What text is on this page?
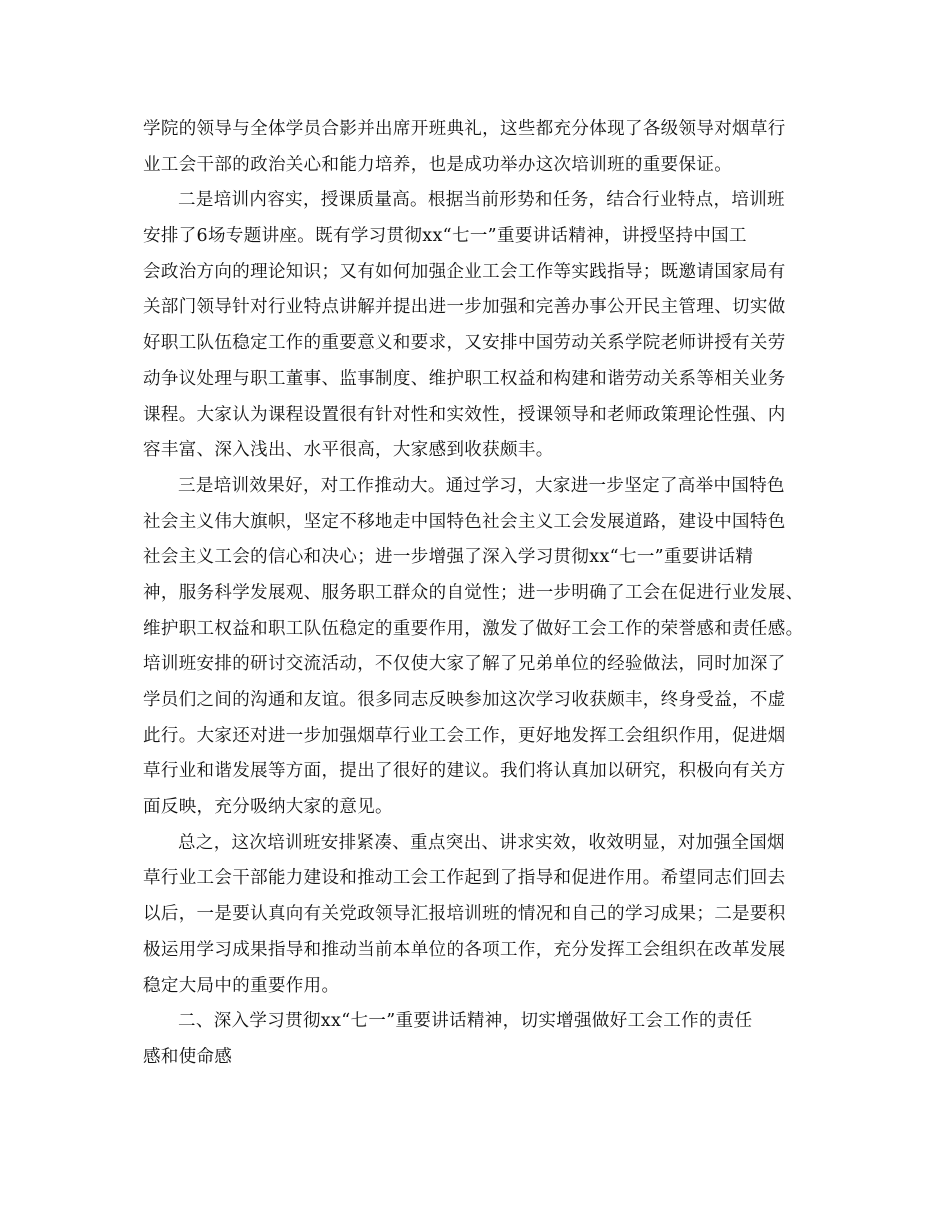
学院的领导与全体学员合影并出席开班典礼，这些都充分体现了各级领导对烟草行
业工会干部的政治关心和能力培养，也是成功举办这次培训班的重要保证。
二是培训内容实，授课质量高。根据当前形势和任务，结合行业特点，培训班
安排了6场专题讲座。既有学习贯彻xx“七一”重要讲话精神，讲授坚持中国工
会政治方向的理论知识；又有如何加强企业工会工作等实践指导；既邀请国家局有
关部门领导针对行业特点讲解并提出进一步加强和完善办事公开民主管理、切实做
好职工队伍稳定工作的重要意义和要求，又安排中国劳动关系学院老师讲授有关劳
动争议处理与职工董事、监事制度、维护职工权益和构建和谐劳动关系等相关业务
课程。大家认为课程设置很有针对性和实效性，授课领导和老师政策理论性强、内
容丰富、深入浅出、水平很高，大家感到收获颇丰。
三是培训效果好，对工作推动大。通过学习，大家进一步坚定了高举中国特色
社会主义伟大旗帜，坚定不移地走中国特色社会主义工会发展道路，建设中国特色
社会主义工会的信心和决心；进一步增强了深入学习贯彻xx“七一”重要讲话精
神，服务科学发展观、服务职工群众的自觉性；进一步明确了工会在促进行业发展、
维护职工权益和职工队伍稳定的重要作用，激发了做好工会工作的荣誉感和责任感。
培训班安排的研讨交流活动，不仅使大家了解了兄弟单位的经验做法，同时加深了
学员们之间的沟通和友谊。很多同志反映参加这次学习收获颇丰，终身受益，不虚
此行。大家还对进一步加强烟草行业工会工作，更好地发挥工会组织作用，促进烟
草行业和谐发展等方面，提出了很好的建议。我们将认真加以研究，积极向有关方
面反映，充分吸纳大家的意见。
总之，这次培训班安排紧凑、重点突出、讲求实效，收效明显，对加强全国烟
草行业工会干部能力建设和推动工会工作起到了指导和促进作用。希望同志们回去
以后，一是要认真向有关党政领导汇报培训班的情况和自己的学习成果；二是要积
极运用学习成果指导和推动当前本单位的各项工作，充分发挥工会组织在改革发展
稳定大局中的重要作用。
二、深入学习贯彻xx“七一”重要讲话精神，切实增强做好工会工作的责任
感和使命感
